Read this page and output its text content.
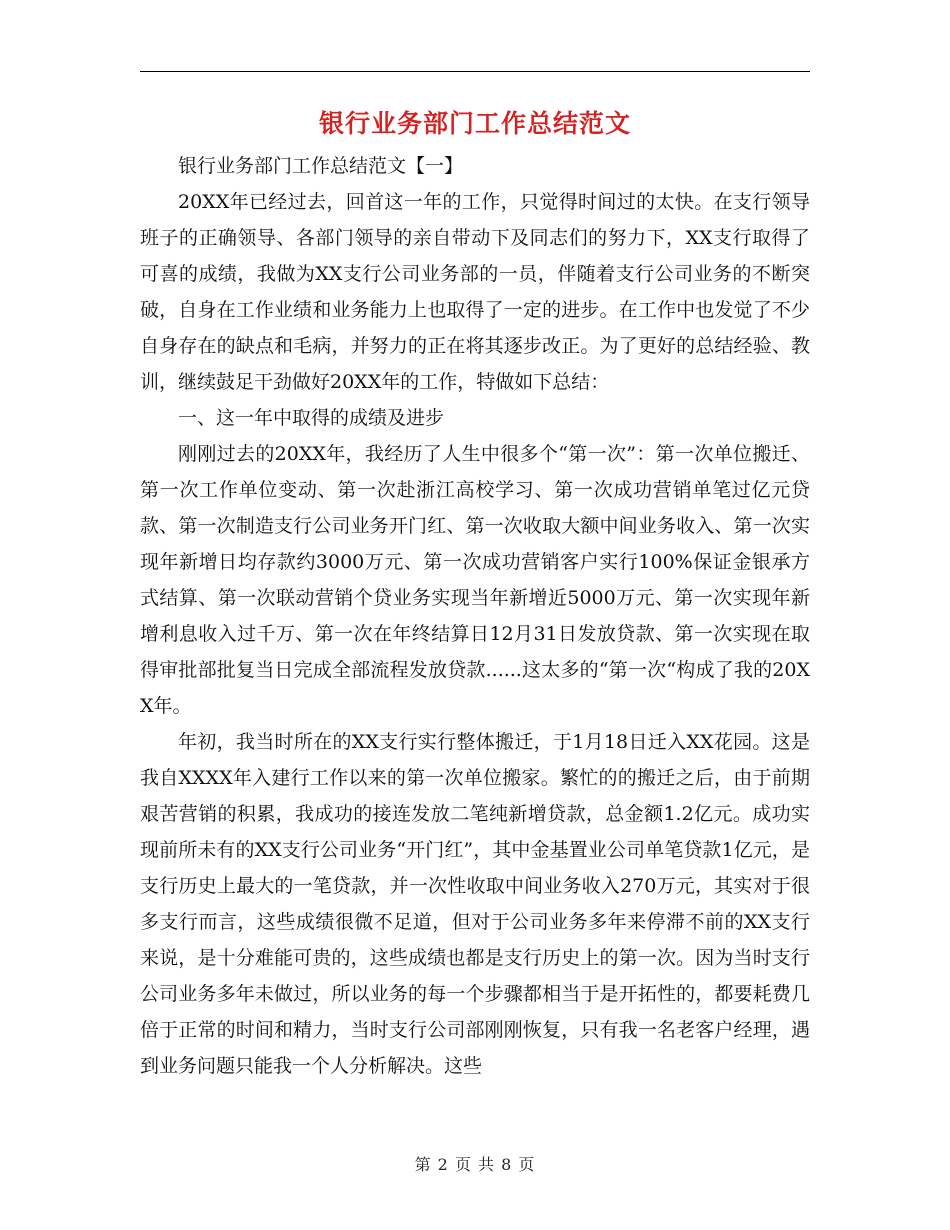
银行业务部门工作总结范文

银行业务部门工作总结范文【一】

20XX年已经过去，回首这一年的工作，只觉得时间过的太快。在支行领导班子的正确领导、各部门领导的亲自带动下及同志们的努力下，XX支行取得了可喜的成绩，我做为XX支行公司业务部的一员，伴随着支行公司业务的不断突破，自身在工作业绩和业务能力上也取得了一定的进步。在工作中也发觉了不少自身存在的缺点和毛病，并努力的正在将其逐步改正。为了更好的总结经验、教训，继续鼓足干劲做好20XX年的工作，特做如下总结：

一、这一年中取得的成绩及进步

刚刚过去的20XX年，我经历了人生中很多个“第一次”：第一次单位搬迁、第一次工作单位变动、第一次赴浙江高校学习、第一次成功营销单笔过亿元贷款、第一次制造支行公司业务开门红、第一次收取大额中间业务收入、第一次实现年新增日均存款约3000万元、第一次成功营销客户实行100%保证金银承方式结算、第一次联动营销个贷业务实现当年新增近5000万元、第一次实现年新增利息收入过千万、第一次在年终结算日12月31日发放贷款、第一次实现在取得审批部批复当日完成全部流程发放贷款......这太多的“第一次“构成了我的20XX年。

年初，我当时所在的XX支行实行整体搬迁，于1月18日迁入XX花园。这是我自XXXX年入建行工作以来的第一次单位搬家。繁忙的的搬迁之后，由于前期艰苦营销的积累，我成功的接连发放二笔纯新增贷款，总金额1.2亿元。成功实现前所未有的XX支行公司业务“开门红”，其中金基置业公司单笔贷款1亿元，是支行历史上最大的一笔贷款，并一次性收取中间业务收入270万元，其实对于很多支行而言，这些成绩很微不足道，但对于公司业务多年来停滞不前的XX支行来说，是十分难能可贵的，这些成绩也都是支行历史上的第一次。因为当时支行公司业务多年未做过，所以业务的每一个步骤都相当于是开拓性的，都要耗费几倍于正常的时间和精力，当时支行公司部刚刚恢复，只有我一名老客户经理，遇到业务问题只能我一个人分析解决。这些

第 2 页 共 8 页
